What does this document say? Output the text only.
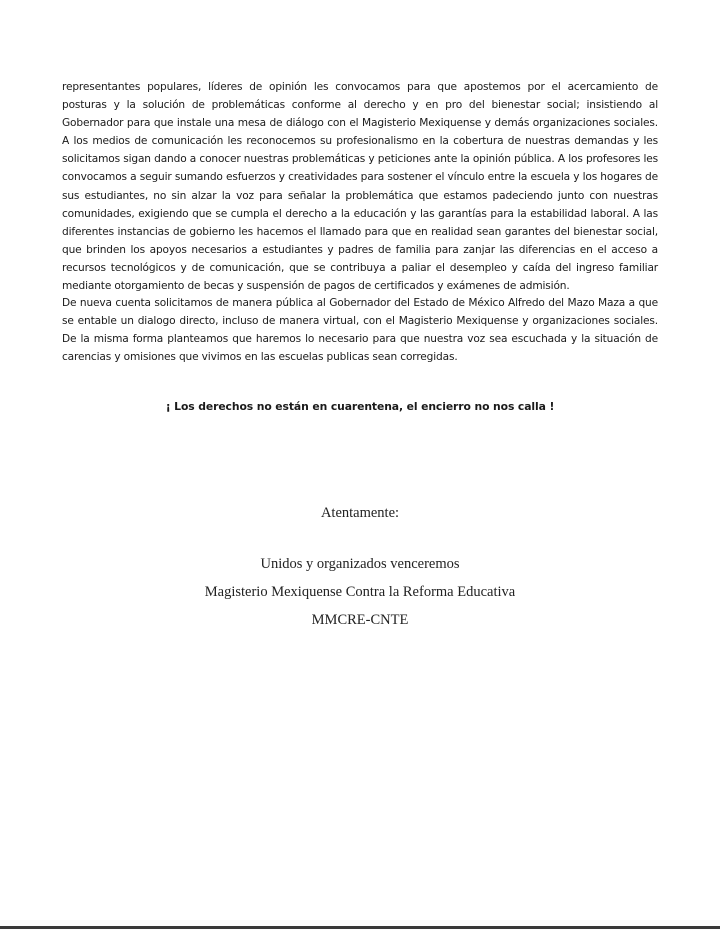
representantes populares, líderes de opinión les convocamos para que apostemos por el acercamiento de posturas y la solución de problemáticas conforme al derecho y en pro del bienestar social; insistiendo al Gobernador para que instale una mesa de diálogo con el Magisterio Mexiquense y demás organizaciones sociales. A los medios de comunicación les reconocemos su profesionalismo en la cobertura de nuestras demandas y les solicitamos sigan dando a conocer nuestras problemáticas y peticiones ante la opinión pública. A los profesores les convocamos a seguir sumando esfuerzos y creatividades para sostener el vínculo entre la escuela y los hogares de sus estudiantes, no sin alzar la voz para señalar la problemática que estamos padeciendo junto con nuestras comunidades, exigiendo que se cumpla el derecho a la educación y las garantías para la estabilidad laboral. A las diferentes instancias de gobierno les hacemos el llamado para que en realidad sean garantes del bienestar social, que brinden los apoyos necesarios a estudiantes y padres de familia para zanjar las diferencias en el acceso a recursos tecnológicos y de comunicación, que se contribuya a paliar el desempleo y caída del ingreso familiar mediante otorgamiento de becas y suspensión de pagos de certificados y exámenes de admisión.

De nueva cuenta solicitamos de manera pública al Gobernador del Estado de México Alfredo del Mazo Maza a que se entable un dialogo directo, incluso de manera virtual, con el Magisterio Mexiquense y organizaciones sociales. De la misma forma planteamos que haremos lo necesario para que nuestra voz sea escuchada y la situación de carencias y omisiones que vivimos en las escuelas publicas sean corregidas.

¡ Los derechos no están en cuarentena, el encierro no nos calla !
Atentamente:
Unidos y organizados venceremos
Magisterio Mexiquense Contra la Reforma Educativa
MMCRE-CNTE
